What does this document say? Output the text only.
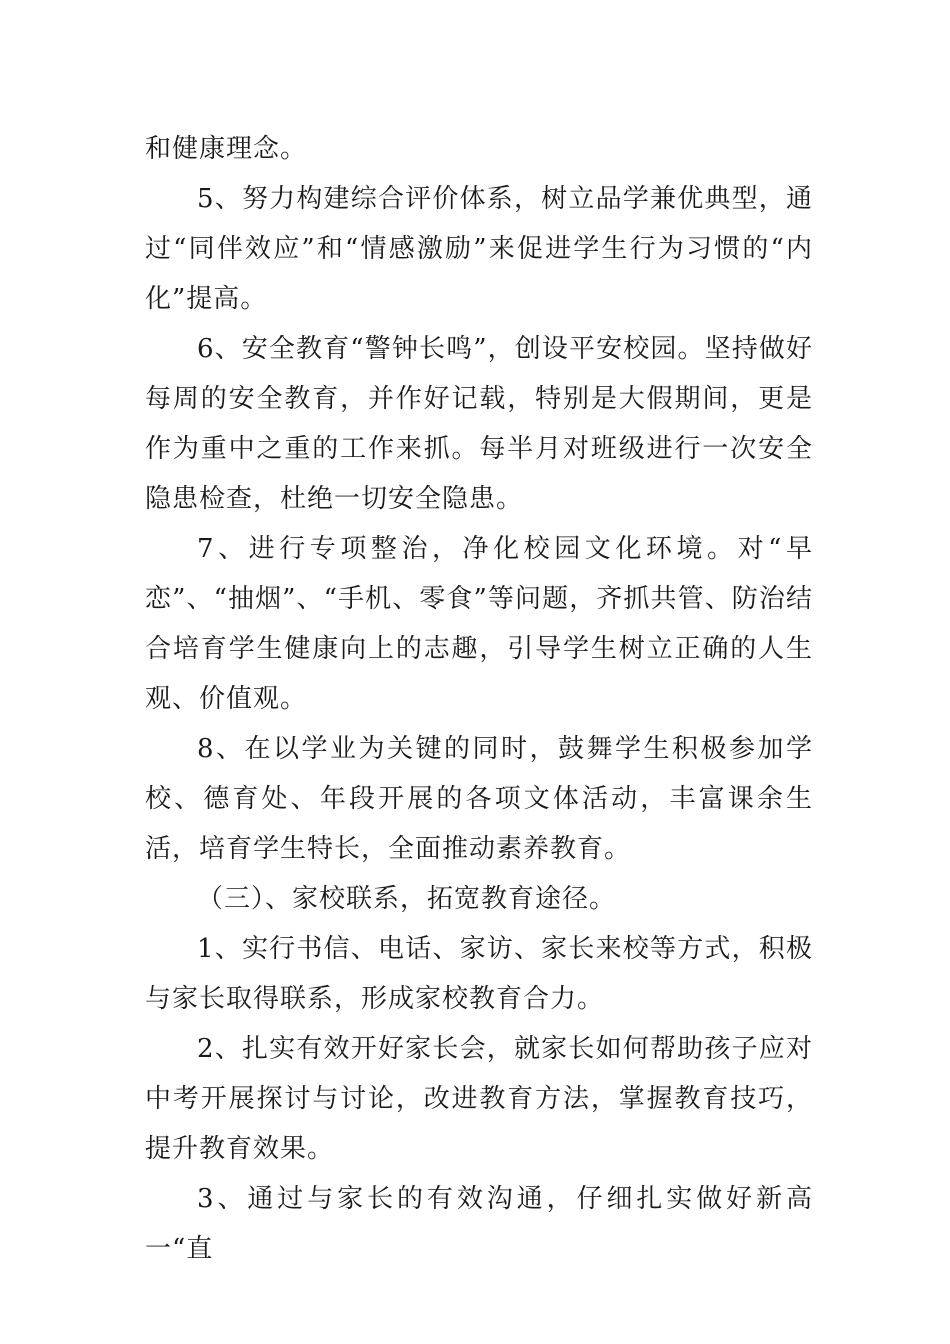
和健康理念。

5、努力构建综合评价体系，树立品学兼优典型，通过“同伴效应”和“情感激励”来促进学生行为习惯的“内化”提高。

6、安全教育“警钟长鸣”，创设平安校园。坚持做好每周的安全教育，并作好记载，特别是大假期间，更是作为重中之重的工作来抓。每半月对班级进行一次安全隐患检查，杜绝一切安全隐患。

7、进行专项整治，净化校园文化环境。对“早恋”、“抽烟”、“手机、零食”等问题，齐抓共管、防治结合培育学生健康向上的志趣，引导学生树立正确的人生观、价值观。

8、在以学业为关键的同时，鼓舞学生积极参加学校、德育处、年段开展的各项文体活动，丰富课余生活，培育学生特长，全面推动素养教育。

（三）、家校联系，拓宽教育途径。

1、实行书信、电话、家访、家长来校等方式，积极与家长取得联系，形成家校教育合力。

2、扎实有效开好家长会，就家长如何帮助孩子应对中考开展探讨与讨论，改进教育方法，掌握教育技巧，提升教育效果。

3、通过与家长的有效沟通，仔细扎实做好新高一“直
